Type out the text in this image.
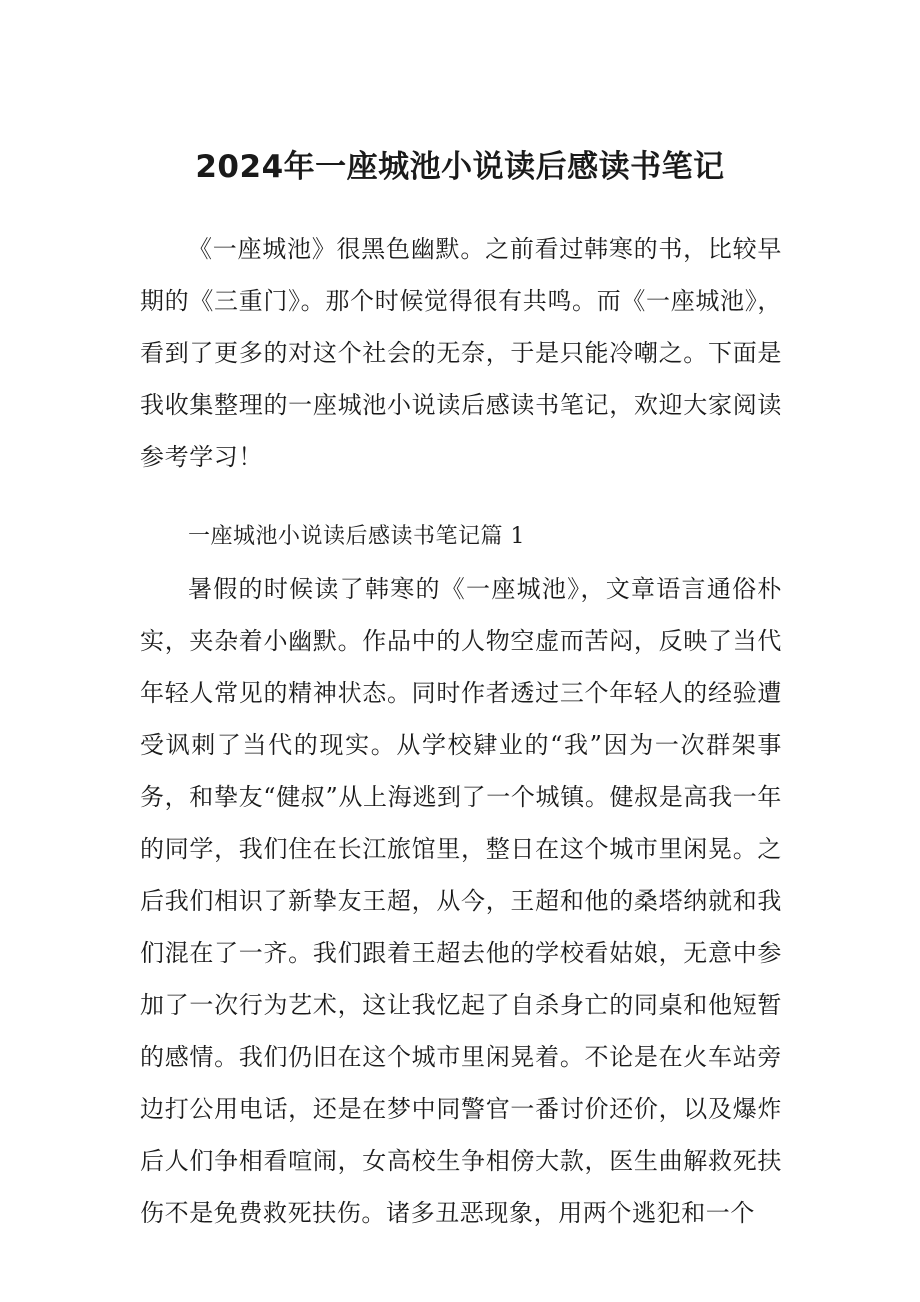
2024年一座城池小说读后感读书笔记

《一座城池》很黑色幽默。之前看过韩寒的书，比较早期的《三重门》。那个时候觉得很有共鸣。而《一座城池》，看到了更多的对这个社会的无奈，于是只能冷嘲之。下面是我收集整理的一座城池小说读后感读书笔记，欢迎大家阅读参考学习！

一座城池小说读后感读书笔记篇 1

暑假的时候读了韩寒的《一座城池》，文章语言通俗朴实，夹杂着小幽默。作品中的人物空虚而苦闷，反映了当代年轻人常见的精神状态。同时作者透过三个年轻人的经验遭受讽刺了当代的现实。从学校肄业的“我”因为一次群架事务，和挚友“健叔”从上海逃到了一个城镇。健叔是高我一年的同学，我们住在长江旅馆里，整日在这个城市里闲晃。之后我们相识了新挚友王超，从今，王超和他的桑塔纳就和我们混在了一齐。我们跟着王超去他的学校看姑娘，无意中参加了一次行为艺术，这让我忆起了自杀身亡的同桌和他短暂的感情。我们仍旧在这个城市里闲晃着。不论是在火车站旁边打公用电话，还是在梦中同警官一番讨价还价，以及爆炸后人们争相看喧闹，女高校生争相傍大款，医生曲解救死扶伤不是免费救死扶伤。诸多丑恶现象，用两个逃犯和一个
